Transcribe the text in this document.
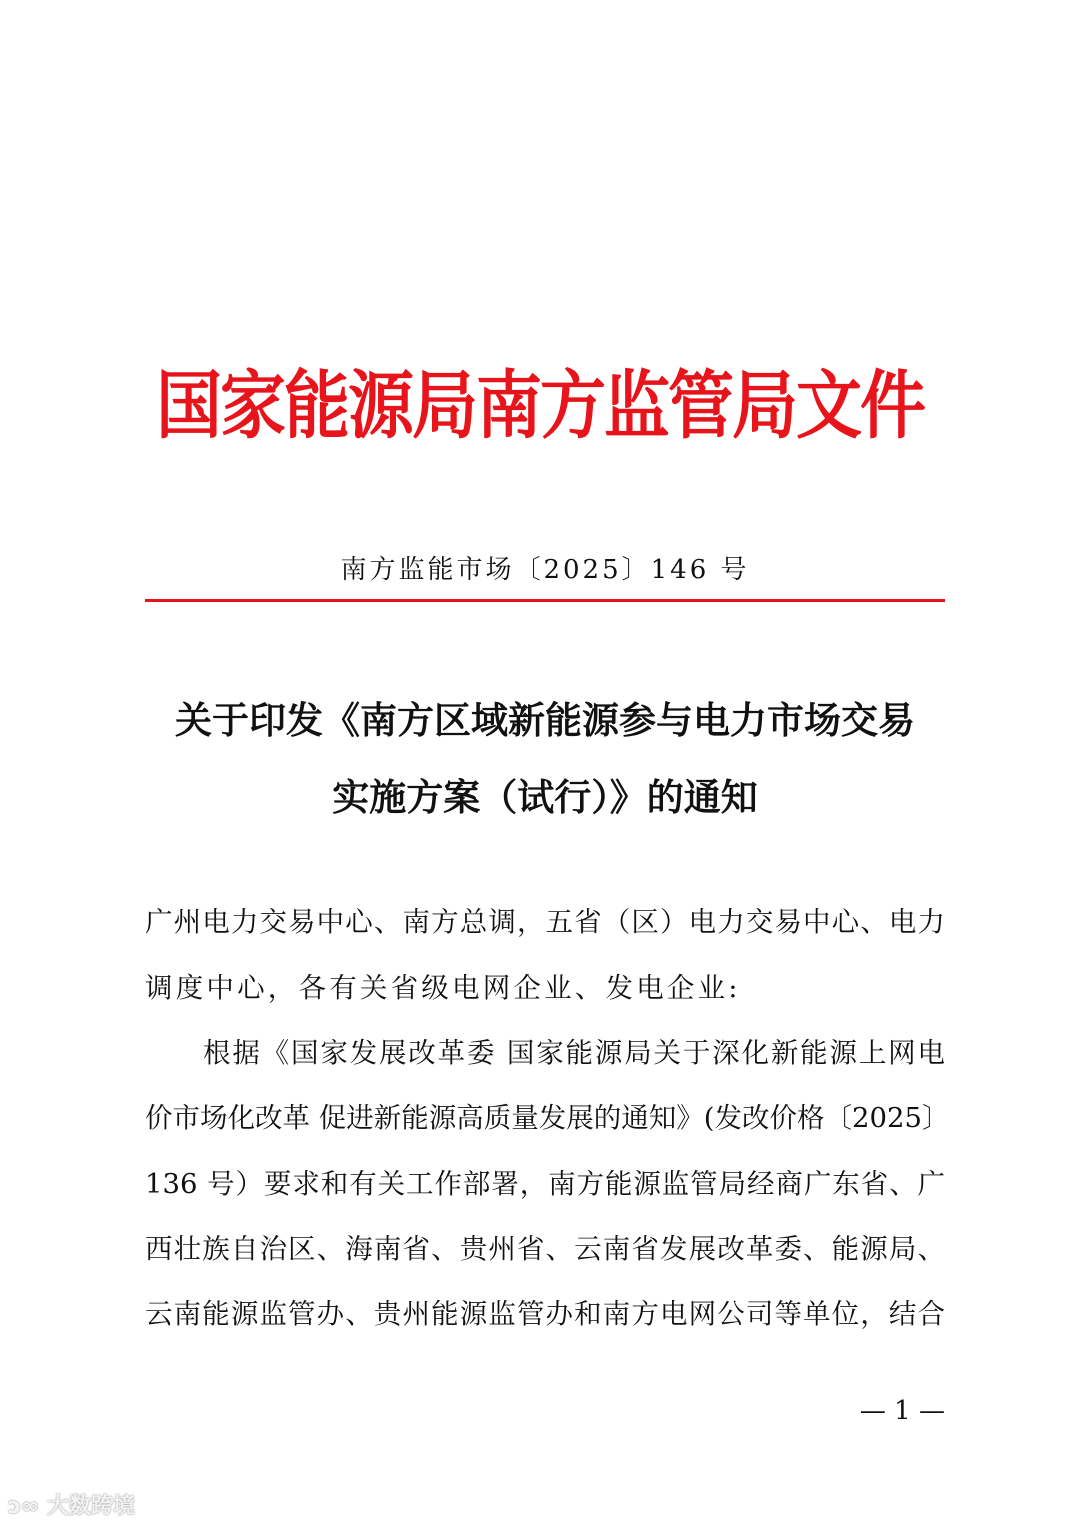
国家能源局南方监管局文件
南方监能市场〔2025〕146 号
关于印发《南方区域新能源参与电力市场交易
实施方案（试行）》的通知
广州电力交易中心、南方总调，五省（区）电力交易中心、电力
调度中心，各有关省级电网企业、发电企业:
根据《国家发展改革委 国家能源局关于深化新能源上网电
价市场化改革 促进新能源高质量发展的通知》(发改价格〔2025〕
136 号）要求和有关工作部署，南方能源监管局经商广东省、广
西壮族自治区、海南省、贵州省、云南省发展改革委、能源局、
云南能源监管办、贵州能源监管办和南方电网公司等单位，结合
— 1 —
ↄ∞ 大数跨境
